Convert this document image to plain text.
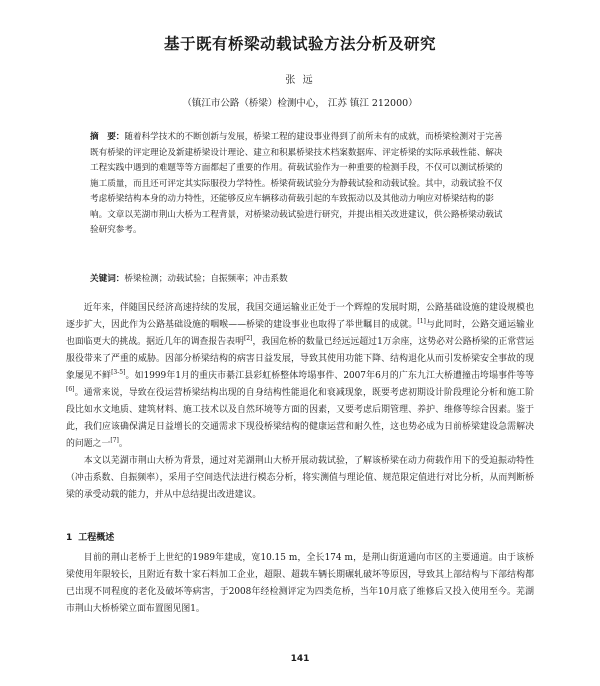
基于既有桥梁动载试验方法分析及研究

张 远

（镇江市公路（桥梁）检测中心， 江苏 镇江 212000）

摘　要：随着科学技术的不断创新与发展，桥梁工程的建设事业得到了前所未有的成就，而桥梁检测对于完善既有桥梁的评定理论及新建桥梁设计理论、建立和积累桥梁技术档案数据库、评定桥梁的实际承载性能、解决工程实践中遇到的难题等等方面都起了重要的作用。荷载试验作为一种重要的检测手段，不仅可以测试桥梁的施工质量，而且还可评定其实际服役力学特性。桥梁荷载试验分为静载试验和动载试验。其中，动载试验不仅考虑桥梁结构本身的动力特性，还能够反应车辆移动荷载引起的车致振动以及其他动力响应对桥梁结构的影响。文章以芜湖市荆山大桥为工程背景，对桥梁动载试验进行研究，并提出相关改进建议，供公路桥梁动载试验研究参考。

关键词：桥梁检测；动载试验；自振频率；冲击系数

近年来，伴随国民经济高速持续的发展，我国交通运输业正处于一个辉煌的发展时期，公路基础设施的建设规模也逐步扩大，因此作为公路基础设施的咽喉——桥梁的建设事业也取得了举世瞩目的成就。[1]与此同时，公路交通运输业也面临更大的挑战。据近几年的调查报告表明[2]，我国危桥的数量已经远远超过1万余座，这势必对公路桥梁的正常营运服役带来了严重的威胁。因部分桥梁结构的病害日益发展，导致其使用功能下降、结构退化从而引发桥梁安全事故的现象屡见不鲜[3-5]。如1999年1月的重庆市綦江县彩虹桥整体垮塌事件、2007年6月的广东九江大桥遭撞击垮塌事件等等[6]。通常来说，导致在役运营桥梁结构出现的自身结构性能退化和衰减现象，既要考虑初期设计阶段理论分析和施工阶段比如水文地质、建筑材料、施工技术以及自然环境等方面的因素，又要考虑后期管理、养护、维修等综合因素。鉴于此，我们应该确保满足日益增长的交通需求下现役桥梁结构的健康运营和耐久性，这也势必成为日前桥梁建设急需解决的问题之一[7]。

本文以芜湖市荆山大桥为背景，通过对芜湖荆山大桥开展动载试验，了解该桥梁在动力荷载作用下的受迫振动特性（冲击系数、自振频率），采用子空间迭代法进行模态分析，将实测值与理论值、规范限定值进行对比分析，从而判断桥梁的承受动载的能力，并从中总结提出改进建议。

1 工程概述

目前的荆山老桥于上世纪的1989年建成，宽10.15 m，全长174 m，是荆山街道通向市区的主要通道。由于该桥梁使用年限较长，且附近有数十家石料加工企业，超限、超载车辆长期碾轧破坏等原因，导致其上部结构与下部结构都已出现不同程度的老化及破坏等病害，于2008年经检测评定为四类危桥，当年10月底了维修后又投入使用至今。芜湖市荆山大桥桥梁立面布置图见图1。

141
